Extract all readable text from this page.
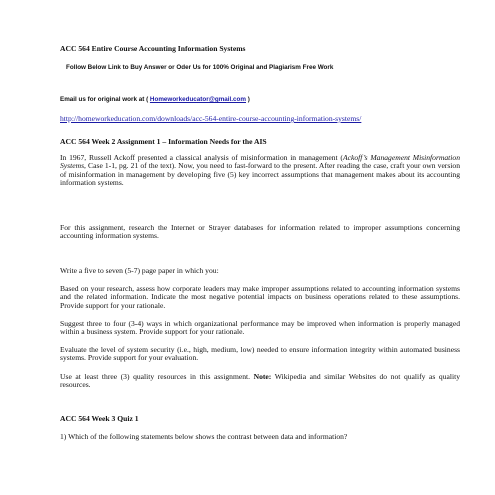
ACC 564 Entire Course Accounting Information Systems

Follow Below Link to Buy Answer or Oder Us for 100% Original and Plagiarism Free Work

Email us for original work at ( Homeworkeducator@gmail.com )

http://homeworkeducation.com/downloads/acc-564-entire-course-accounting-information-systems/

ACC 564 Week 2 Assignment 1 – Information Needs for the AIS

In 1967, Russell Ackoff presented a classical analysis of misinformation in management (Ackoff’s Management Misinformation Systems, Case 1-1, pg. 21 of the text). Now, you need to fast-forward to the present. After reading the case, craft your own version of misinformation in management by developing five (5) key incorrect assumptions that management makes about its accounting information systems.

For this assignment, research the Internet or Strayer databases for information related to improper assumptions concerning accounting information systems.

Write a five to seven (5-7) page paper in which you:

Based on your research, assess how corporate leaders may make improper assumptions related to accounting information systems and the related information. Indicate the most negative potential impacts on business operations related to these assumptions. Provide support for your rationale.

Suggest three to four (3-4) ways in which organizational performance may be improved when information is properly managed within a business system. Provide support for your rationale.

Evaluate the level of system security (i.e., high, medium, low) needed to ensure information integrity within automated business systems. Provide support for your evaluation.

Use at least three (3) quality resources in this assignment. Note: Wikipedia and similar Websites do not qualify as quality resources.

ACC 564 Week 3 Quiz 1

1) Which of the following statements below shows the contrast between data and information?
